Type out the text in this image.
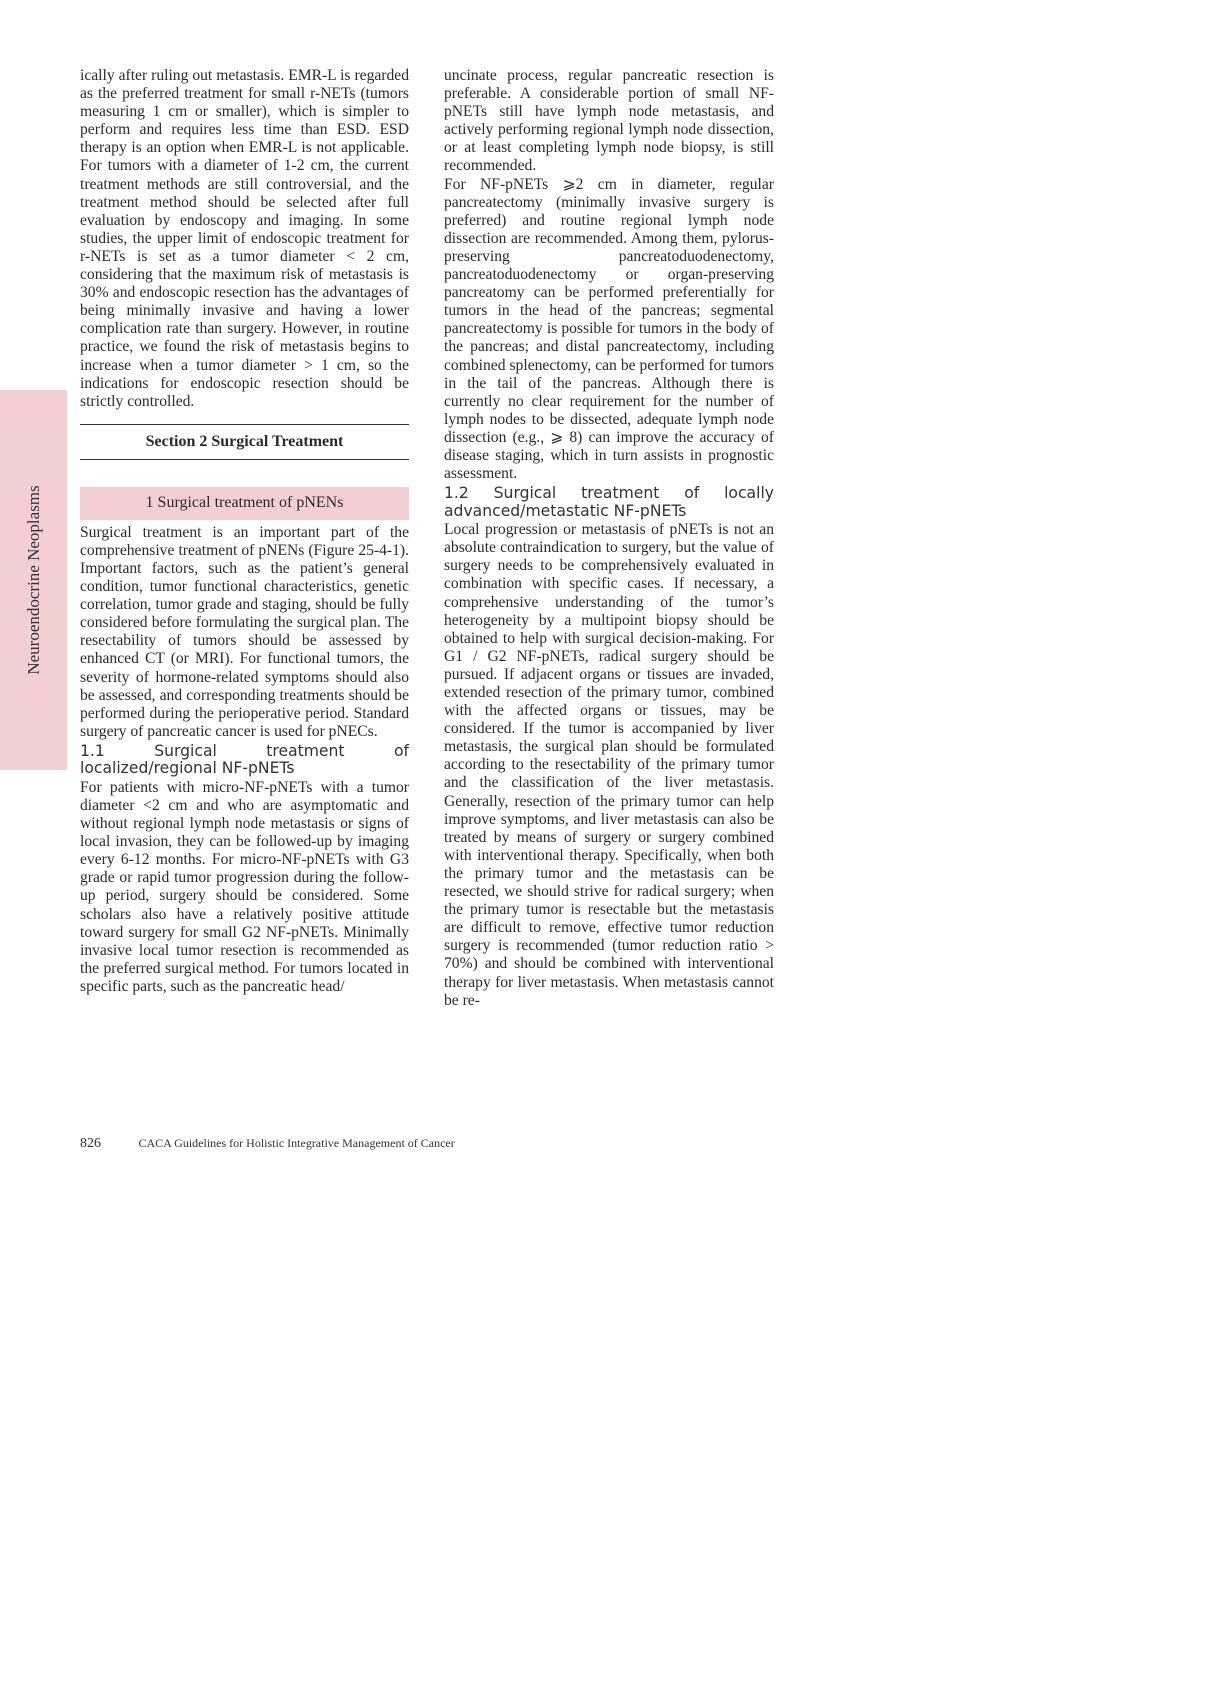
Neuroendocrine Neoplasms

ically after ruling out metastasis. EMR-L is regarded as the preferred treatment for small r-NETs (tumors measuring 1 cm or smaller), which is simpler to perform and requires less time than ESD. ESD therapy is an option when EMR-L is not applicable. For tumors with a diameter of 1-2 cm, the current treatment methods are still controversial, and the treatment method should be selected after full evaluation by endoscopy and imaging. In some studies, the upper limit of endoscopic treatment for r-NETs is set as a tumor diameter < 2 cm, considering that the maximum risk of metastasis is 30% and endoscopic resection has the advantages of being minimally invasive and having a lower complication rate than surgery. However, in routine practice, we found the risk of metastasis begins to increase when a tumor diameter > 1 cm, so the indications for endoscopic resection should be strictly controlled.

Section 2 Surgical Treatment
1 Surgical treatment of pNENs

Surgical treatment is an important part of the comprehensive treatment of pNENs (Figure 25-4-1). Important factors, such as the patient’s general condition, tumor functional characteristics, genetic correlation, tumor grade and staging, should be fully considered before formulating the surgical plan. The resectability of tumors should be assessed by enhanced CT (or MRI). For functional tumors, the severity of hormone-related symptoms should also be assessed, and corresponding treatments should be performed during the perioperative period. Standard surgery of pancreatic cancer is used for pNECs.

1.1 Surgical treatment of localized/regional NF-pNETs

For patients with micro-NF-pNETs with a tumor diameter <2 cm and who are asymptomatic and without regional lymph node metastasis or signs of local invasion, they can be followed-up by imaging every 6-12 months. For micro-NF-pNETs with G3 grade or rapid tumor progression during the follow-up period, surgery should be considered. Some scholars also have a relatively positive attitude toward surgery for small G2 NF-pNETs. Minimally invasive local tumor resection is recommended as the preferred surgical method. For tumors located in specific parts, such as the pancreatic head/

uncinate process, regular pancreatic resection is preferable. A considerable portion of small NF-pNETs still have lymph node metastasis, and actively performing regional lymph node dissection, or at least completing lymph node biopsy, is still recommended.

For NF-pNETs ⩾2 cm in diameter, regular pancreatectomy (minimally invasive surgery is preferred) and routine regional lymph node dissection are recommended. Among them, pylorus-preserving pancreatoduodenectomy, pancreatoduodenectomy or organ-preserving pancreatomy can be performed preferentially for tumors in the head of the pancreas; segmental pancreatectomy is possible for tumors in the body of the pancreas; and distal pancreatectomy, including combined splenectomy, can be performed for tumors in the tail of the pancreas. Although there is currently no clear requirement for the number of lymph nodes to be dissected, adequate lymph node dissection (e.g., ⩾ 8) can improve the accuracy of disease staging, which in turn assists in prognostic assessment.

1.2 Surgical treatment of locally advanced/metastatic NF-pNETs

Local progression or metastasis of pNETs is not an absolute contraindication to surgery, but the value of surgery needs to be comprehensively evaluated in combination with specific cases. If necessary, a comprehensive understanding of the tumor’s heterogeneity by a multipoint biopsy should be obtained to help with surgical decision-making. For G1 / G2 NF-pNETs, radical surgery should be pursued. If adjacent organs or tissues are invaded, extended resection of the primary tumor, combined with the affected organs or tissues, may be considered. If the tumor is accompanied by liver metastasis, the surgical plan should be formulated according to the resectability of the primary tumor and the classification of the liver metastasis. Generally, resection of the primary tumor can help improve symptoms, and liver metastasis can also be treated by means of surgery or surgery combined with interventional therapy. Specifically, when both the primary tumor and the metastasis can be resected, we should strive for radical surgery; when the primary tumor is resectable but the metastasis are difficult to remove, effective tumor reduction surgery is recommended (tumor reduction ratio > 70%) and should be combined with interventional therapy for liver metastasis. When metastasis cannot be re-

826	CACA Guidelines for Holistic Integrative Management of Cancer
